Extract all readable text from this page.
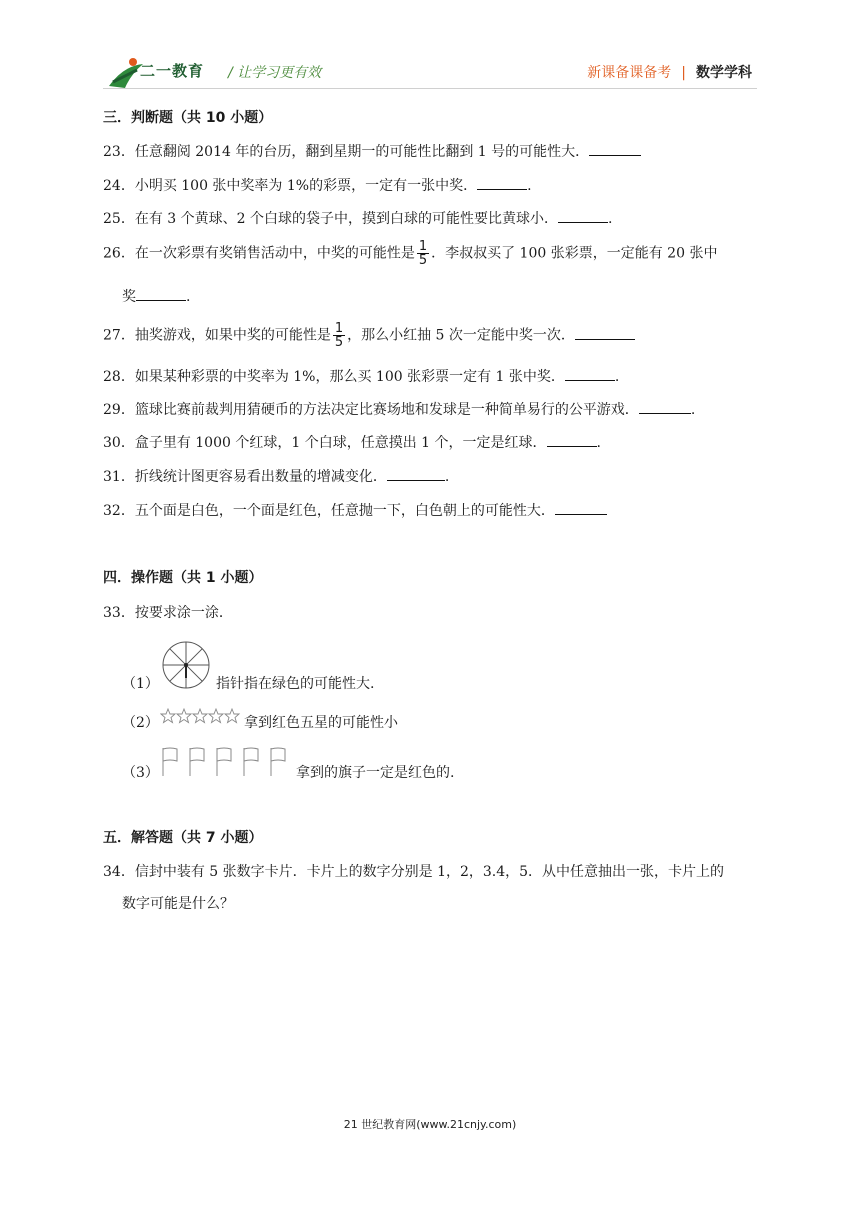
二一教育 / 让学习更有效	新课备课备考 | 数学学科
三．判断题（共 10 小题）
23．任意翻阅 2014 年的台历，翻到星期一的可能性比翻到 1 号的可能性大．
24．小明买 100 张中奖率为 1%的彩票，一定有一张中奖．	.
25．在有 3 个黄球、2 个白球的袋子中，摸到白球的可能性要比黄球小．	.
26．在一次彩票有奖销售活动中，中奖的可能性是 $\frac{1}{5}$ ．李叔叔买了 100 张彩票，一定能有 20 张中
奖	.
27．抽奖游戏，如果中奖的可能性是 $\frac{1}{5}$ ，那么小红抽 5 次一定能中奖一次．
28．如果某种彩票的中奖率为 1%，那么买 100 张彩票一定有 1 张中奖．	.
29．篮球比赛前裁判用猜硬币的方法决定比赛场地和发球是一种简单易行的公平游戏．	.
30．盒子里有 1000 个红球，1 个白球，任意摸出 1 个，一定是红球．	.
31．折线统计图更容易看出数量的增减变化．	.
32．五个面是白色，一个面是红色，任意抛一下，白色朝上的可能性大．
四．操作题（共 1 小题）
33．按要求涂一涂．
（1）	指针指在绿色的可能性大.
（2）	拿到红色五星的可能性小
（3）	拿到的旗子一定是红色的.
五．解答题（共 7 小题）
34．信封中装有 5 张数字卡片．卡片上的数字分别是 1，2，3.4，5．从中任意抽出一张，卡片上的
数字可能是什么？
21 世纪教育网(www.21cnjy.com)
